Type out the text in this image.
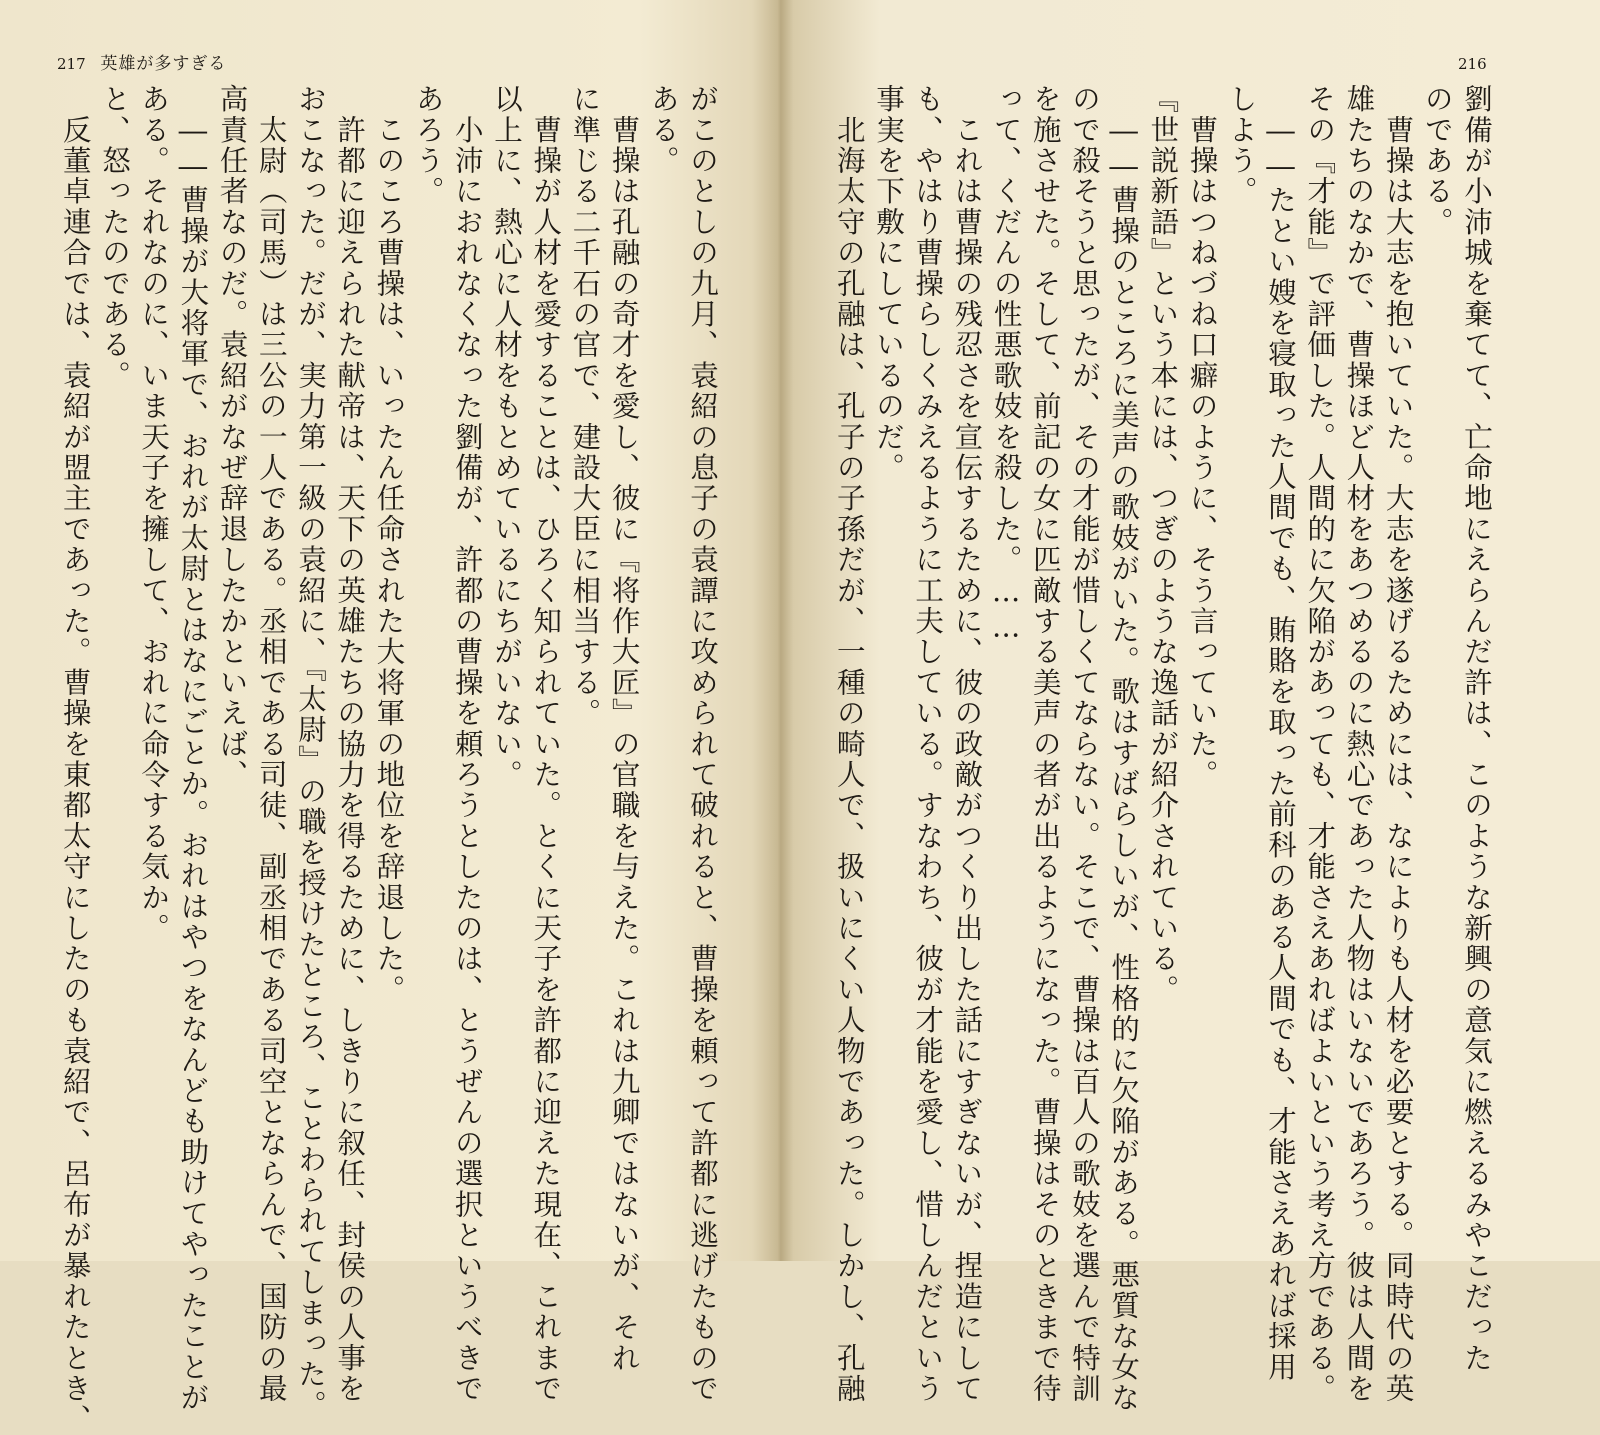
217 英雄が多すぎる

がこのとしの九月、袁紹の息子の袁譚に攻められて破れると、曹操を頼って許都に逃げたもので

ある。

　曹操は孔融の奇才を愛し、彼に『将作大匠』の官職を与えた。これは九卿ではないが、それ

に準じる二千石の官で、建設大臣に相当する。

　曹操が人材を愛することは、ひろく知られていた。とくに天子を許都に迎えた現在、これまで

以上に、熱心に人材をもとめているにちがいない。

　小沛におれなくなった劉備が、許都の曹操を頼ろうとしたのは、とうぜんの選択というべきで

あろう。

　このころ曹操は、いったん任命された大将軍の地位を辞退した。

　許都に迎えられた献帝は、天下の英雄たちの協力を得るために、しきりに叙任、封侯の人事を

おこなった。だが、実力第一級の袁紹に、『太尉』の職を授けたところ、ことわられてしまった。

　太尉（司馬）は三公の一人である。丞相である司徒、副丞相である司空とならんで、国防の最

高責任者なのだ。袁紹がなぜ辞退したかといえば、

　――曹操が大将軍で、おれが太尉とはなにごとか。おれはやつをなんども助けてやったことが

ある。それなのに、いま天子を擁して、おれに命令する気か。

と、怒ったのである。

　反董卓連合では、袁紹が盟主であった。曹操を東都太守にしたのも袁紹で、呂布が暴れたとき、

216

劉備が小沛城を棄てて、亡命地にえらんだ許は、このような新興の意気に燃えるみやこだった

のである。

　曹操は大志を抱いていた。大志を遂げるためには、なによりも人材を必要とする。同時代の英

雄たちのなかで、曹操ほど人材をあつめるのに熱心であった人物はいないであろう。彼は人間を

その『才能』で評価した。人間的に欠陥があっても、才能さえあればよいという考え方である。

　――たとい嫂を寝取った人間でも、賄賂を取った前科のある人間でも、才能さえあれば採用

しよう。

　曹操はつねづね口癖のように、そう言っていた。

『世説新語』という本には、つぎのような逸話が紹介されている。

　――曹操のところに美声の歌妓がいた。歌はすばらしいが、性格的に欠陥がある。悪質な女な

ので殺そうと思ったが、その才能が惜しくてならない。そこで、曹操は百人の歌妓を選んで特訓

を施させた。そして、前記の女に匹敵する美声の者が出るようになった。曹操はそのときまで待

って、くだんの性悪歌妓を殺した。……

　これは曹操の残忍さを宣伝するために、彼の政敵がつくり出した話にすぎないが、捏造にして

も、やはり曹操らしくみえるように工夫している。すなわち、彼が才能を愛し、惜しんだという

事実を下敷にしているのだ。

　北海太守の孔融は、孔子の子孫だが、一種の畸人で、扱いにくい人物であった。しかし、孔融
